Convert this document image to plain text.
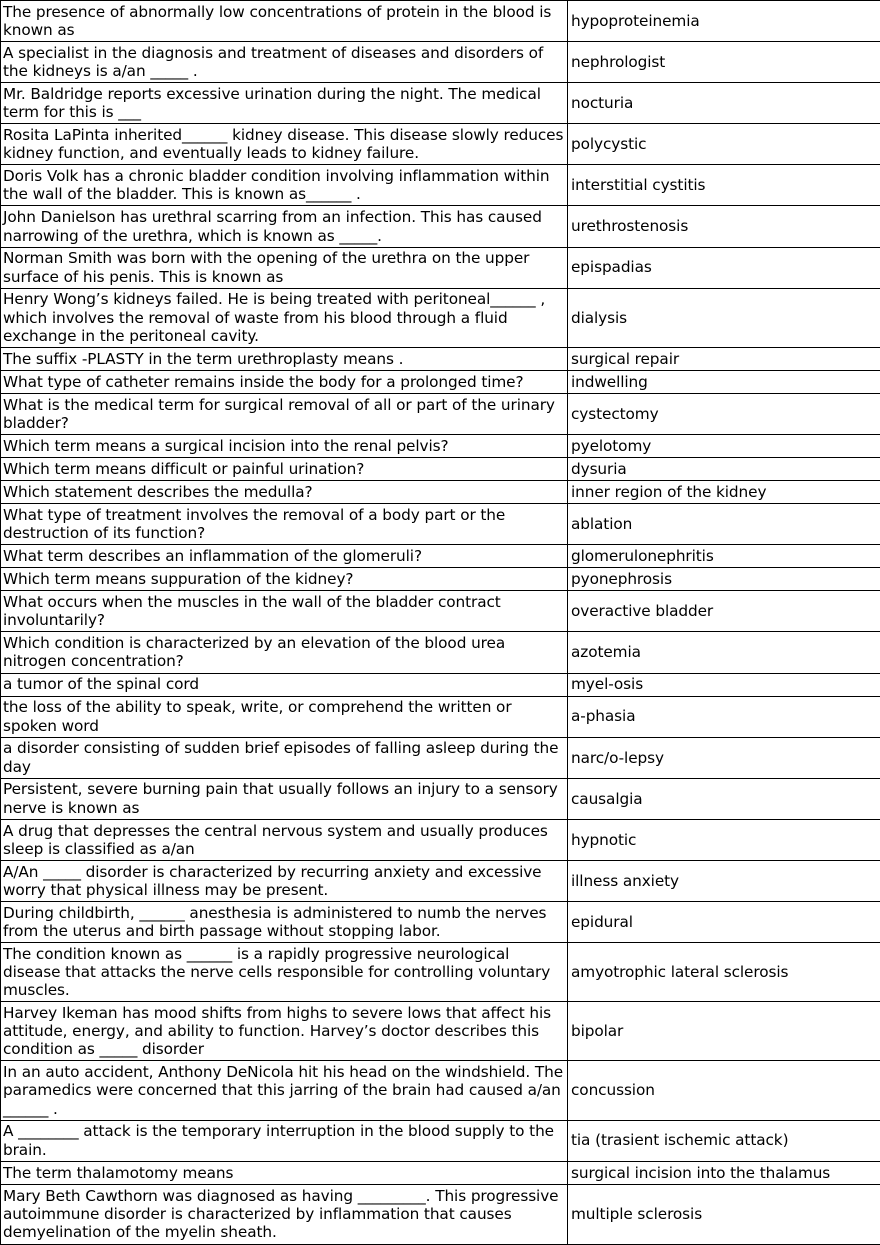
The presence of abnormally low concentrations of protein in the blood is known as	hypoproteinemia
A specialist in the diagnosis and treatment of diseases and disorders of the kidneys is a/an _____ .	nephrologist
Mr. Baldridge reports excessive urination during the night. The medical term for this is ___	nocturia
Rosita LaPinta inherited______ kidney disease. This disease slowly reduces kidney function, and eventually leads to kidney failure.	polycystic
Doris Volk has a chronic bladder condition involving inflammation within the wall of the bladder. This is known as______ .	interstitial cystitis
John Danielson has urethral scarring from an infection. This has caused narrowing of the urethra, which is known as _____.	urethrostenosis
Norman Smith was born with the opening of the urethra on the upper surface of his penis. This is known as	epispadias
Henry Wong’s kidneys failed. He is being treated with peritoneal______ , which involves the removal of waste from his blood through a fluid exchange in the peritoneal cavity.	dialysis
The suffix -PLASTY in the term urethroplasty means .	surgical repair
What type of catheter remains inside the body for a prolonged time?	indwelling
What is the medical term for surgical removal of all or part of the urinary bladder?	cystectomy
Which term means a surgical incision into the renal pelvis?	pyelotomy
Which term means difficult or painful urination?	dysuria
Which statement describes the medulla?	inner region of the kidney
What type of treatment involves the removal of a body part or the destruction of its function?	ablation
What term describes an inflammation of the glomeruli?	glomerulonephritis
Which term means suppuration of the kidney?	pyonephrosis
What occurs when the muscles in the wall of the bladder contract involuntarily?	overactive bladder
Which condition is characterized by an elevation of the blood urea nitrogen concentration?	azotemia
a tumor of the spinal cord	myel-osis
the loss of the ability to speak, write, or comprehend the written or spoken word	a-phasia
a disorder consisting of sudden brief episodes of falling asleep during the day	narc/o-lepsy
Persistent, severe burning pain that usually follows an injury to a sensory nerve is known as	causalgia
A drug that depresses the central nervous system and usually produces sleep is classified as a/an	hypnotic
A/An _____ disorder is characterized by recurring anxiety and excessive worry that physical illness may be present.	illness anxiety
During childbirth, ______ anesthesia is administered to numb the nerves from the uterus and birth passage without stopping labor.	epidural
The condition known as ______ is a rapidly progressive neurological disease that attacks the nerve cells responsible for controlling voluntary muscles.	amyotrophic lateral sclerosis
Harvey Ikeman has mood shifts from highs to severe lows that affect his attitude, energy, and ability to function. Harvey’s doctor describes this condition as _____ disorder	bipolar
In an auto accident, Anthony DeNicola hit his head on the windshield. The paramedics were concerned that this jarring of the brain had caused a/an ______ .	concussion
A ________ attack is the temporary interruption in the blood supply to the brain.	tia (trasient ischemic attack)
The term thalamotomy means	surgical incision into the thalamus
Mary Beth Cawthorn was diagnosed as having _________. This progressive autoimmune disorder is characterized by inflammation that causes demyelination of the myelin sheath.	multiple sclerosis
